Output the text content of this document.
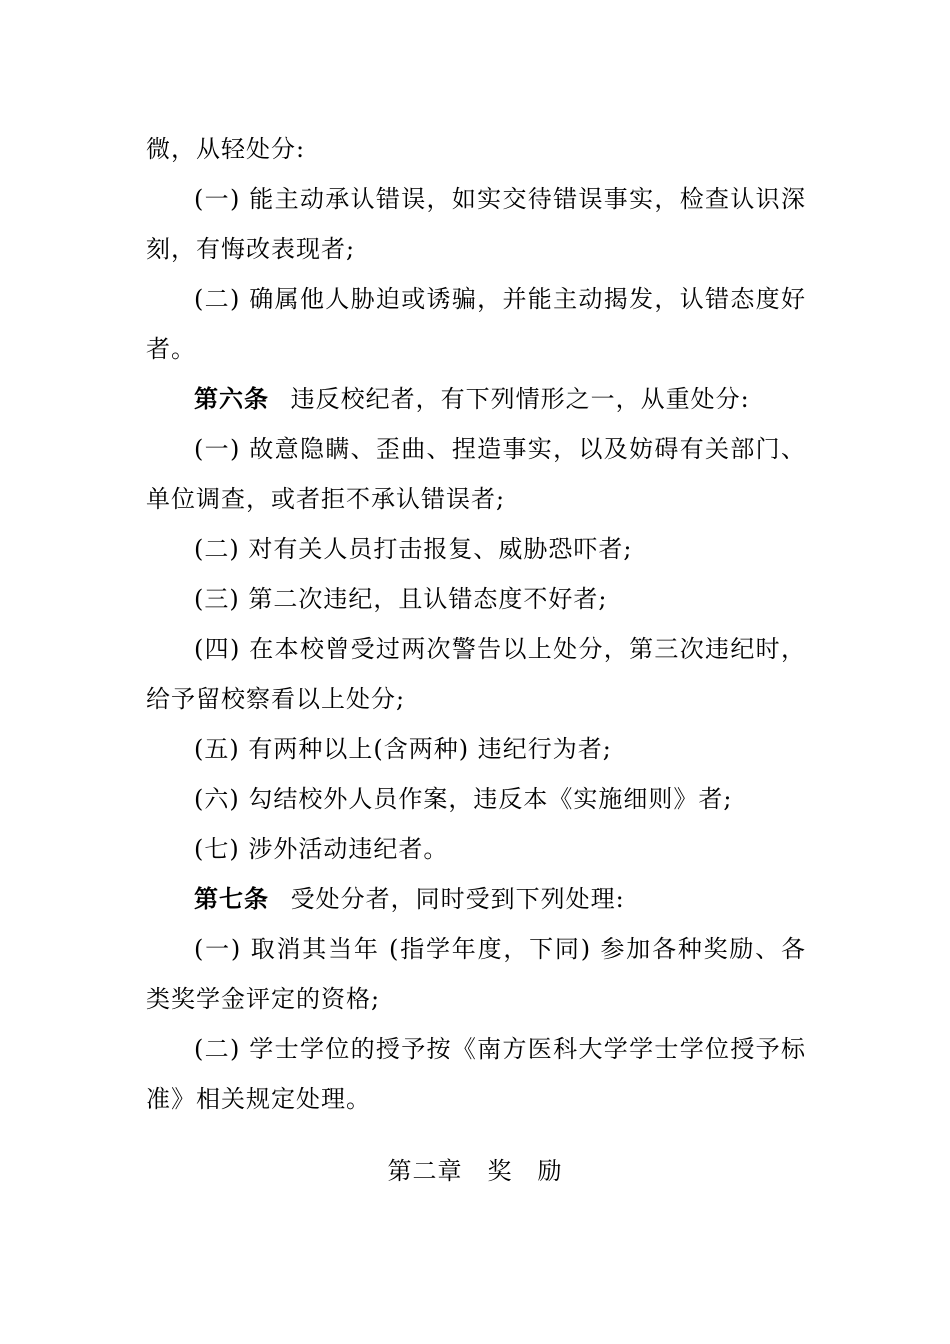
微，从轻处分:

(一) 能主动承认错误，如实交待错误事实，检查认识深刻，有悔改表现者;

(二) 确属他人胁迫或诱骗，并能主动揭发，认错态度好者。

第六条 违反校纪者，有下列情形之一，从重处分:

(一) 故意隐瞒、歪曲、捏造事实，以及妨碍有关部门、单位调查，或者拒不承认错误者;

(二) 对有关人员打击报复、威胁恐吓者;

(三) 第二次违纪，且认错态度不好者;

(四) 在本校曾受过两次警告以上处分，第三次违纪时，给予留校察看以上处分;

(五) 有两种以上(含两种) 违纪行为者;

(六) 勾结校外人员作案，违反本《实施细则》者;

(七) 涉外活动违纪者。

第七条 受处分者，同时受到下列处理:

(一) 取消其当年 (指学年度，下同) 参加各种奖励、各类奖学金评定的资格;

(二) 学士学位的授予按《南方医科大学学士学位授予标准》相关规定处理。

第二章　奖　励
